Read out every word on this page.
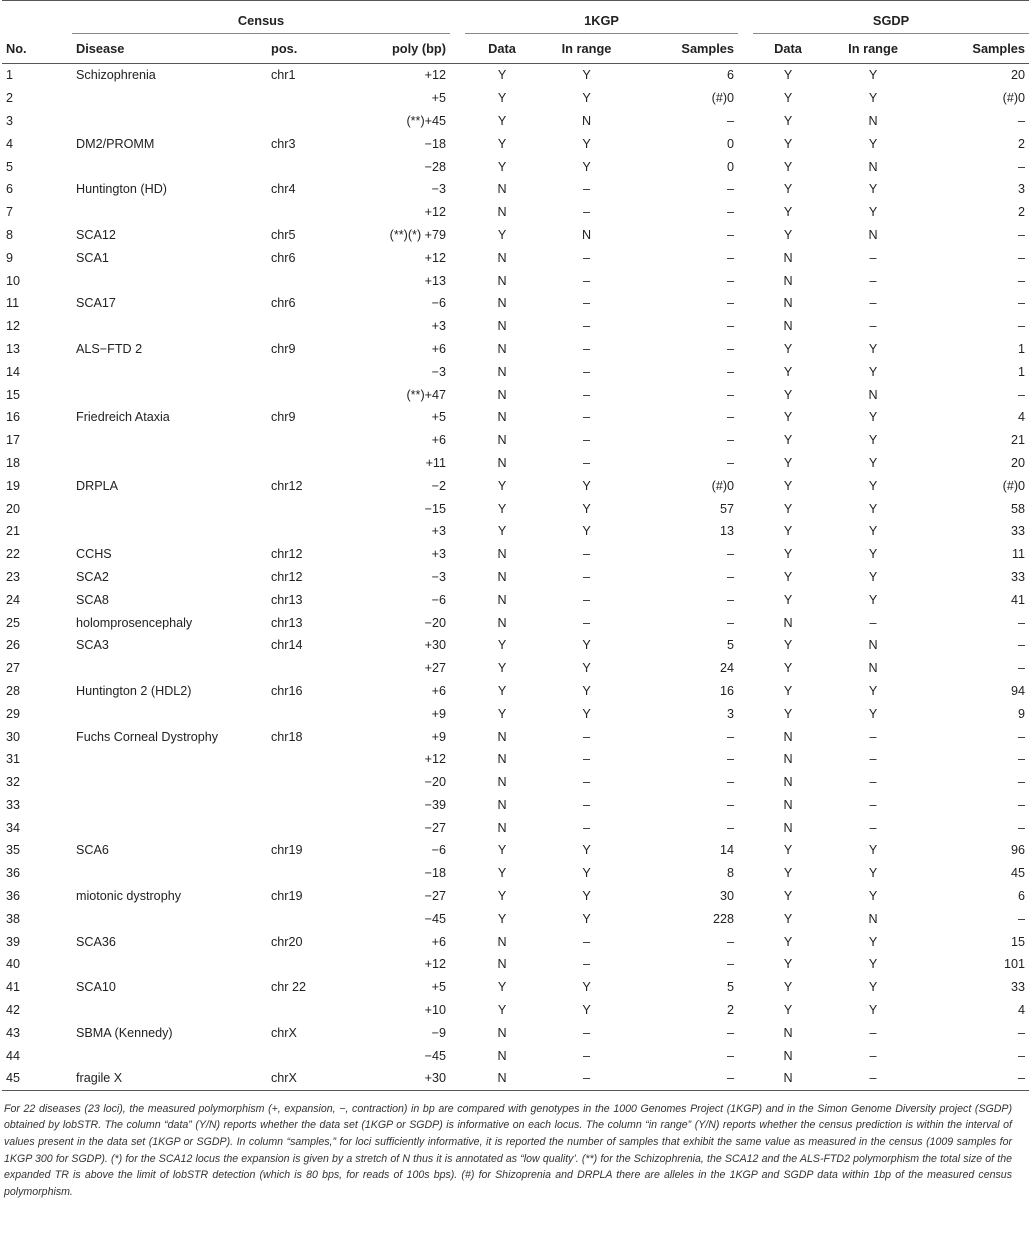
	Census				1KGP				SGDP		
No.	Disease	pos.	poly (bp)		Data	In range	Samples		Data	In range	Samples
1	Schizophrenia	chr1	+12		Y	Y	6		Y	Y	20
2			+5		Y	Y	(#)0		Y	Y	(#)0
3			(**)+45		Y	N	–		Y	N	–
4	DM2/PROMM	chr3	−18		Y	Y	0		Y	Y	2
5			−28		Y	Y	0		Y	N	–
6	Huntington (HD)	chr4	−3		N	–	–		Y	Y	3
7			+12		N	–	–		Y	Y	2
8	SCA12	chr5	(**)(*) +79		Y	N	–		Y	N	–
9	SCA1	chr6	+12		N	–	–		N	–	–
10			+13		N	–	–		N	–	–
11	SCA17	chr6	−6		N	–	–		N	–	–
12			+3		N	–	–		N	–	–
13	ALS−FTD 2	chr9	+6		N	–	–		Y	Y	1
14			−3		N	–	–		Y	Y	1
15			(**)+47		N	–	–		Y	N	–
16	Friedreich Ataxia	chr9	+5		N	–	–		Y	Y	4
17			+6		N	–	–		Y	Y	21
18			+11		N	–	–		Y	Y	20
19	DRPLA	chr12	−2		Y	Y	(#)0		Y	Y	(#)0
20			−15		Y	Y	57		Y	Y	58
21			+3		Y	Y	13		Y	Y	33
22	CCHS	chr12	+3		N	–	–		Y	Y	11
23	SCA2	chr12	−3		N	–	–		Y	Y	33
24	SCA8	chr13	−6		N	–	–		Y	Y	41
25	holomprosencephaly	chr13	−20		N	–	–		N	–	–
26	SCA3	chr14	+30		Y	Y	5		Y	N	–
27			+27		Y	Y	24		Y	N	–
28	Huntington 2 (HDL2)	chr16	+6		Y	Y	16		Y	Y	94
29			+9		Y	Y	3		Y	Y	9
30	Fuchs Corneal Dystrophy	chr18	+9		N	–	–		N	–	–
31			+12		N	–	–		N	–	–
32			−20		N	–	–		N	–	–
33			−39		N	–	–		N	–	–
34			−27		N	–	–		N	–	–
35	SCA6	chr19	−6		Y	Y	14		Y	Y	96
36			−18		Y	Y	8		Y	Y	45
36	miotonic dystrophy	chr19	−27		Y	Y	30		Y	Y	6
38			−45		Y	Y	228		Y	N	–
39	SCA36	chr20	+6		N	–	–		Y	Y	15
40			+12		N	–	–		Y	Y	101
41	SCA10	chr 22	+5		Y	Y	5		Y	Y	33
42			+10		Y	Y	2		Y	Y	4
43	SBMA (Kennedy)	chrX	−9		N	–	–		N	–	–
44			−45		N	–	–		N	–	–
45	fragile X	chrX	+30		N	–	–		N	–	–

For 22 diseases (23 loci), the measured polymorphism (+, expansion, −, contraction) in bp are compared with genotypes in the 1000 Genomes Project (1KGP) and in the Simon Genome Diversity project (SGDP) obtained by lobSTR. The column “data” (Y/N) reports whether the data set (1KGP or SGDP) is informative on each locus. The column “in range” (Y/N) reports whether the census prediction is within the interval of values present in the data set (1KGP or SGDP). In column “samples,” for loci sufficiently informative, it is reported the number of samples that exhibit the same value as measured in the census (1009 samples for 1KGP 300 for SGDP). (*) for the SCA12 locus the expansion is given by a stretch of N thus it is annotated as “low quality’. (**) for the Schizophrenia, the SCA12 and the ALS-FTD2 polymorphism the total size of the expanded TR is above the limit of lobSTR detection (which is 80 bps, for reads of 100s bps). (#) for Shizoprenia and DRPLA there are alleles in the 1KGP and SGDP data within 1bp of the measured census polymorphism.
